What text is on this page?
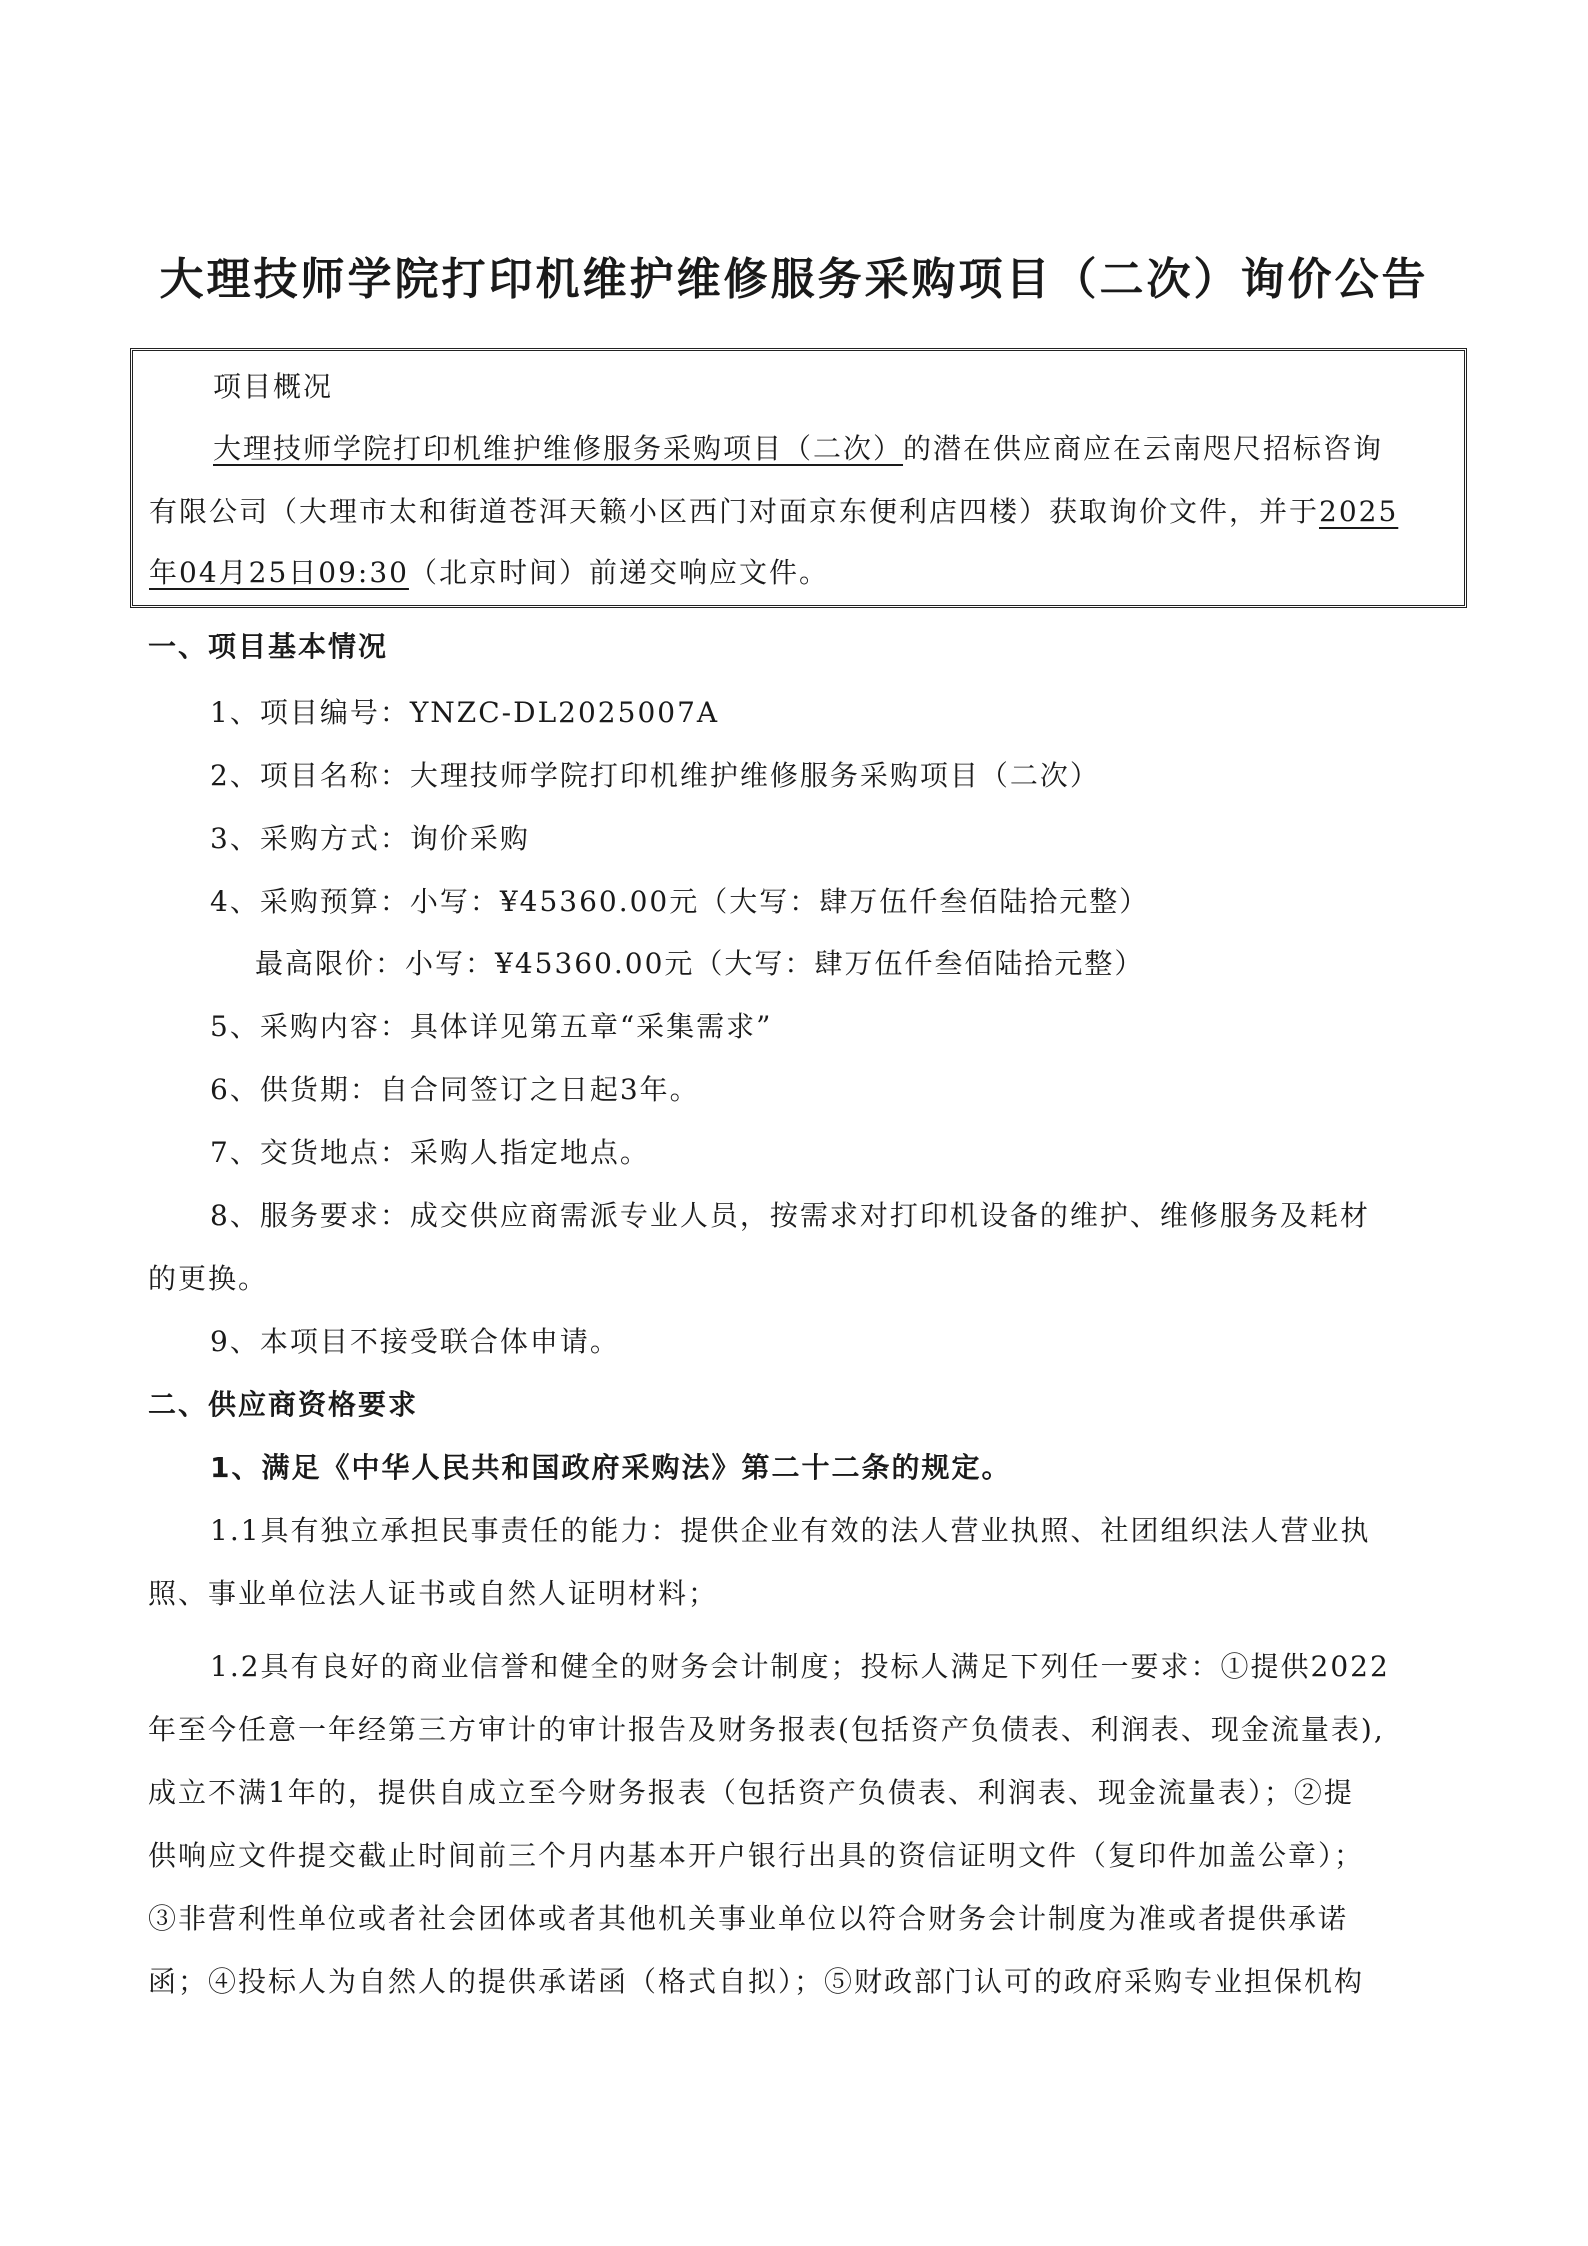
大理技师学院打印机维护维修服务采购项目（二次）询价公告
项目概况
大理技师学院打印机维护维修服务采购项目（二次）的潜在供应商应在云南咫尺招标咨询
有限公司（大理市太和街道苍洱天籁小区西门对面京东便利店四楼）获取询价文件，并于2025
年04月25日09:30（北京时间）前递交响应文件。
一、项目基本情况
1、项目编号：YNZC-DL2025007A
2、项目名称：大理技师学院打印机维护维修服务采购项目（二次）
3、采购方式：询价采购
4、采购预算：小写：¥45360.00元（大写：肆万伍仟叁佰陆拾元整）
最高限价：小写：¥45360.00元（大写：肆万伍仟叁佰陆拾元整）
5、采购内容：具体详见第五章“采集需求”
6、供货期：自合同签订之日起3年。
7、交货地点：采购人指定地点。
8、服务要求：成交供应商需派专业人员，按需求对打印机设备的维护、维修服务及耗材
的更换。
9、本项目不接受联合体申请。
二、供应商资格要求
1、满足《中华人民共和国政府采购法》第二十二条的规定。
1.1具有独立承担民事责任的能力：提供企业有效的法人营业执照、社团组织法人营业执
照、事业单位法人证书或自然人证明材料；
1.2具有良好的商业信誉和健全的财务会计制度；投标人满足下列任一要求：①提供2022
年至今任意一年经第三方审计的审计报告及财务报表(包括资产负债表、利润表、现金流量表),
成立不满1年的，提供自成立至今财务报表（包括资产负债表、利润表、现金流量表）；②提
供响应文件提交截止时间前三个月内基本开户银行出具的资信证明文件（复印件加盖公章）；
③非营利性单位或者社会团体或者其他机关事业单位以符合财务会计制度为准或者提供承诺
函；④投标人为自然人的提供承诺函（格式自拟）；⑤财政部门认可的政府采购专业担保机构
